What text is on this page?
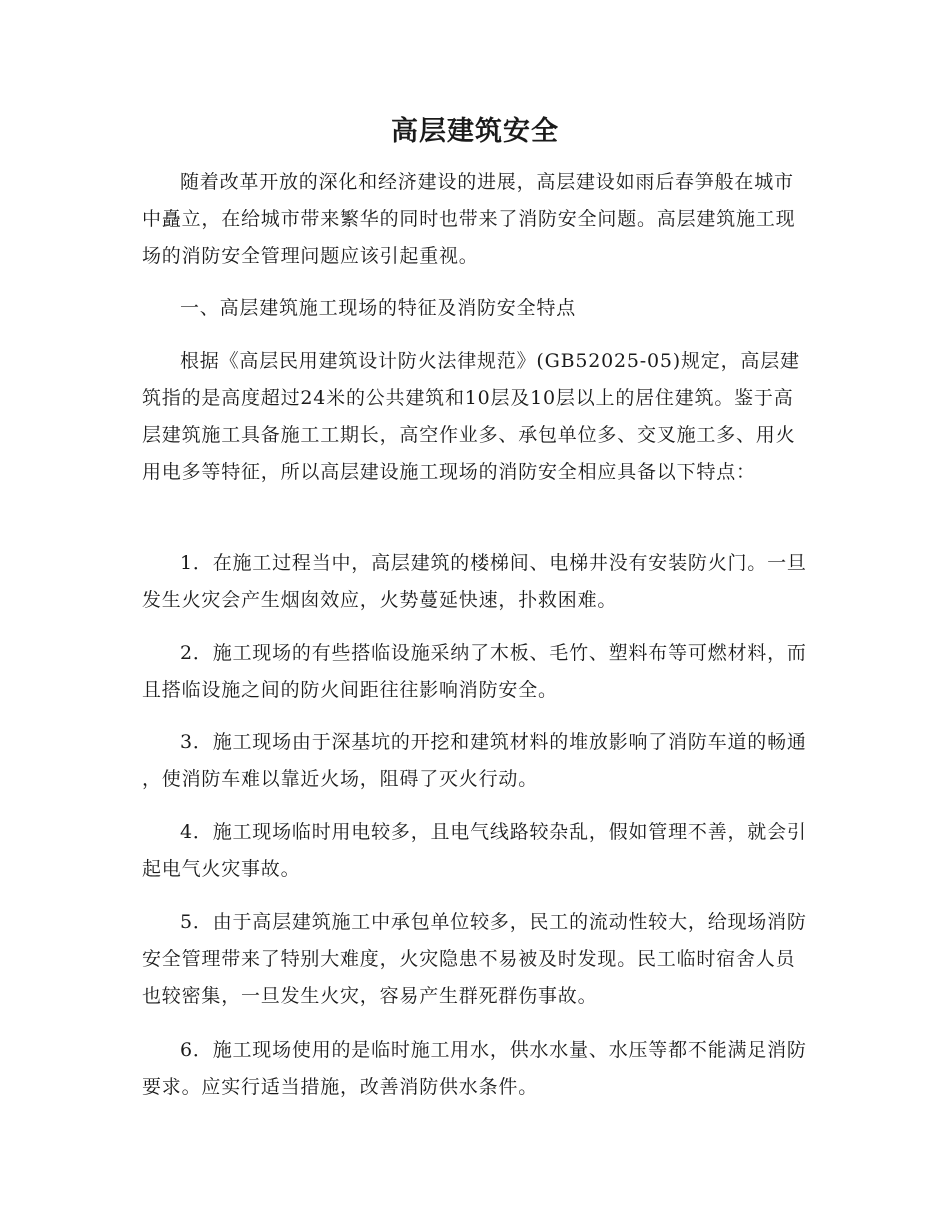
高层建筑安全

随着改革开放的深化和经济建设的进展，高层建设如雨后春笋般在城市中矗立，在给城市带来繁华的同时也带来了消防安全问题。高层建筑施工现场的消防安全管理问题应该引起重视。

一、高层建筑施工现场的特征及消防安全特点

根据《高层民用建筑设计防火法律规范》(GB52025-05)规定，高层建筑指的是高度超过24米的公共建筑和10层及10层以上的居住建筑。鉴于高层建筑施工具备施工工期长，高空作业多、承包单位多、交叉施工多、用火用电多等特征，所以高层建设施工现场的消防安全相应具备以下特点：

1．在施工过程当中，高层建筑的楼梯间、电梯井没有安装防火门。一旦发生火灾会产生烟囱效应，火势蔓延快速，扑救困难。

2．施工现场的有些搭临设施采纳了木板、毛竹、塑料布等可燃材料，而且搭临设施之间的防火间距往往影响消防安全。

3．施工现场由于深基坑的开挖和建筑材料的堆放影响了消防车道的畅通，使消防车难以靠近火场，阻碍了灭火行动。

4．施工现场临时用电较多，且电气线路较杂乱，假如管理不善，就会引起电气火灾事故。

5．由于高层建筑施工中承包单位较多，民工的流动性较大，给现场消防安全管理带来了特别大难度，火灾隐患不易被及时发现。民工临时宿舍人员也较密集，一旦发生火灾，容易产生群死群伤事故。

6．施工现场使用的是临时施工用水，供水水量、水压等都不能满足消防要求。应实行适当措施，改善消防供水条件。
